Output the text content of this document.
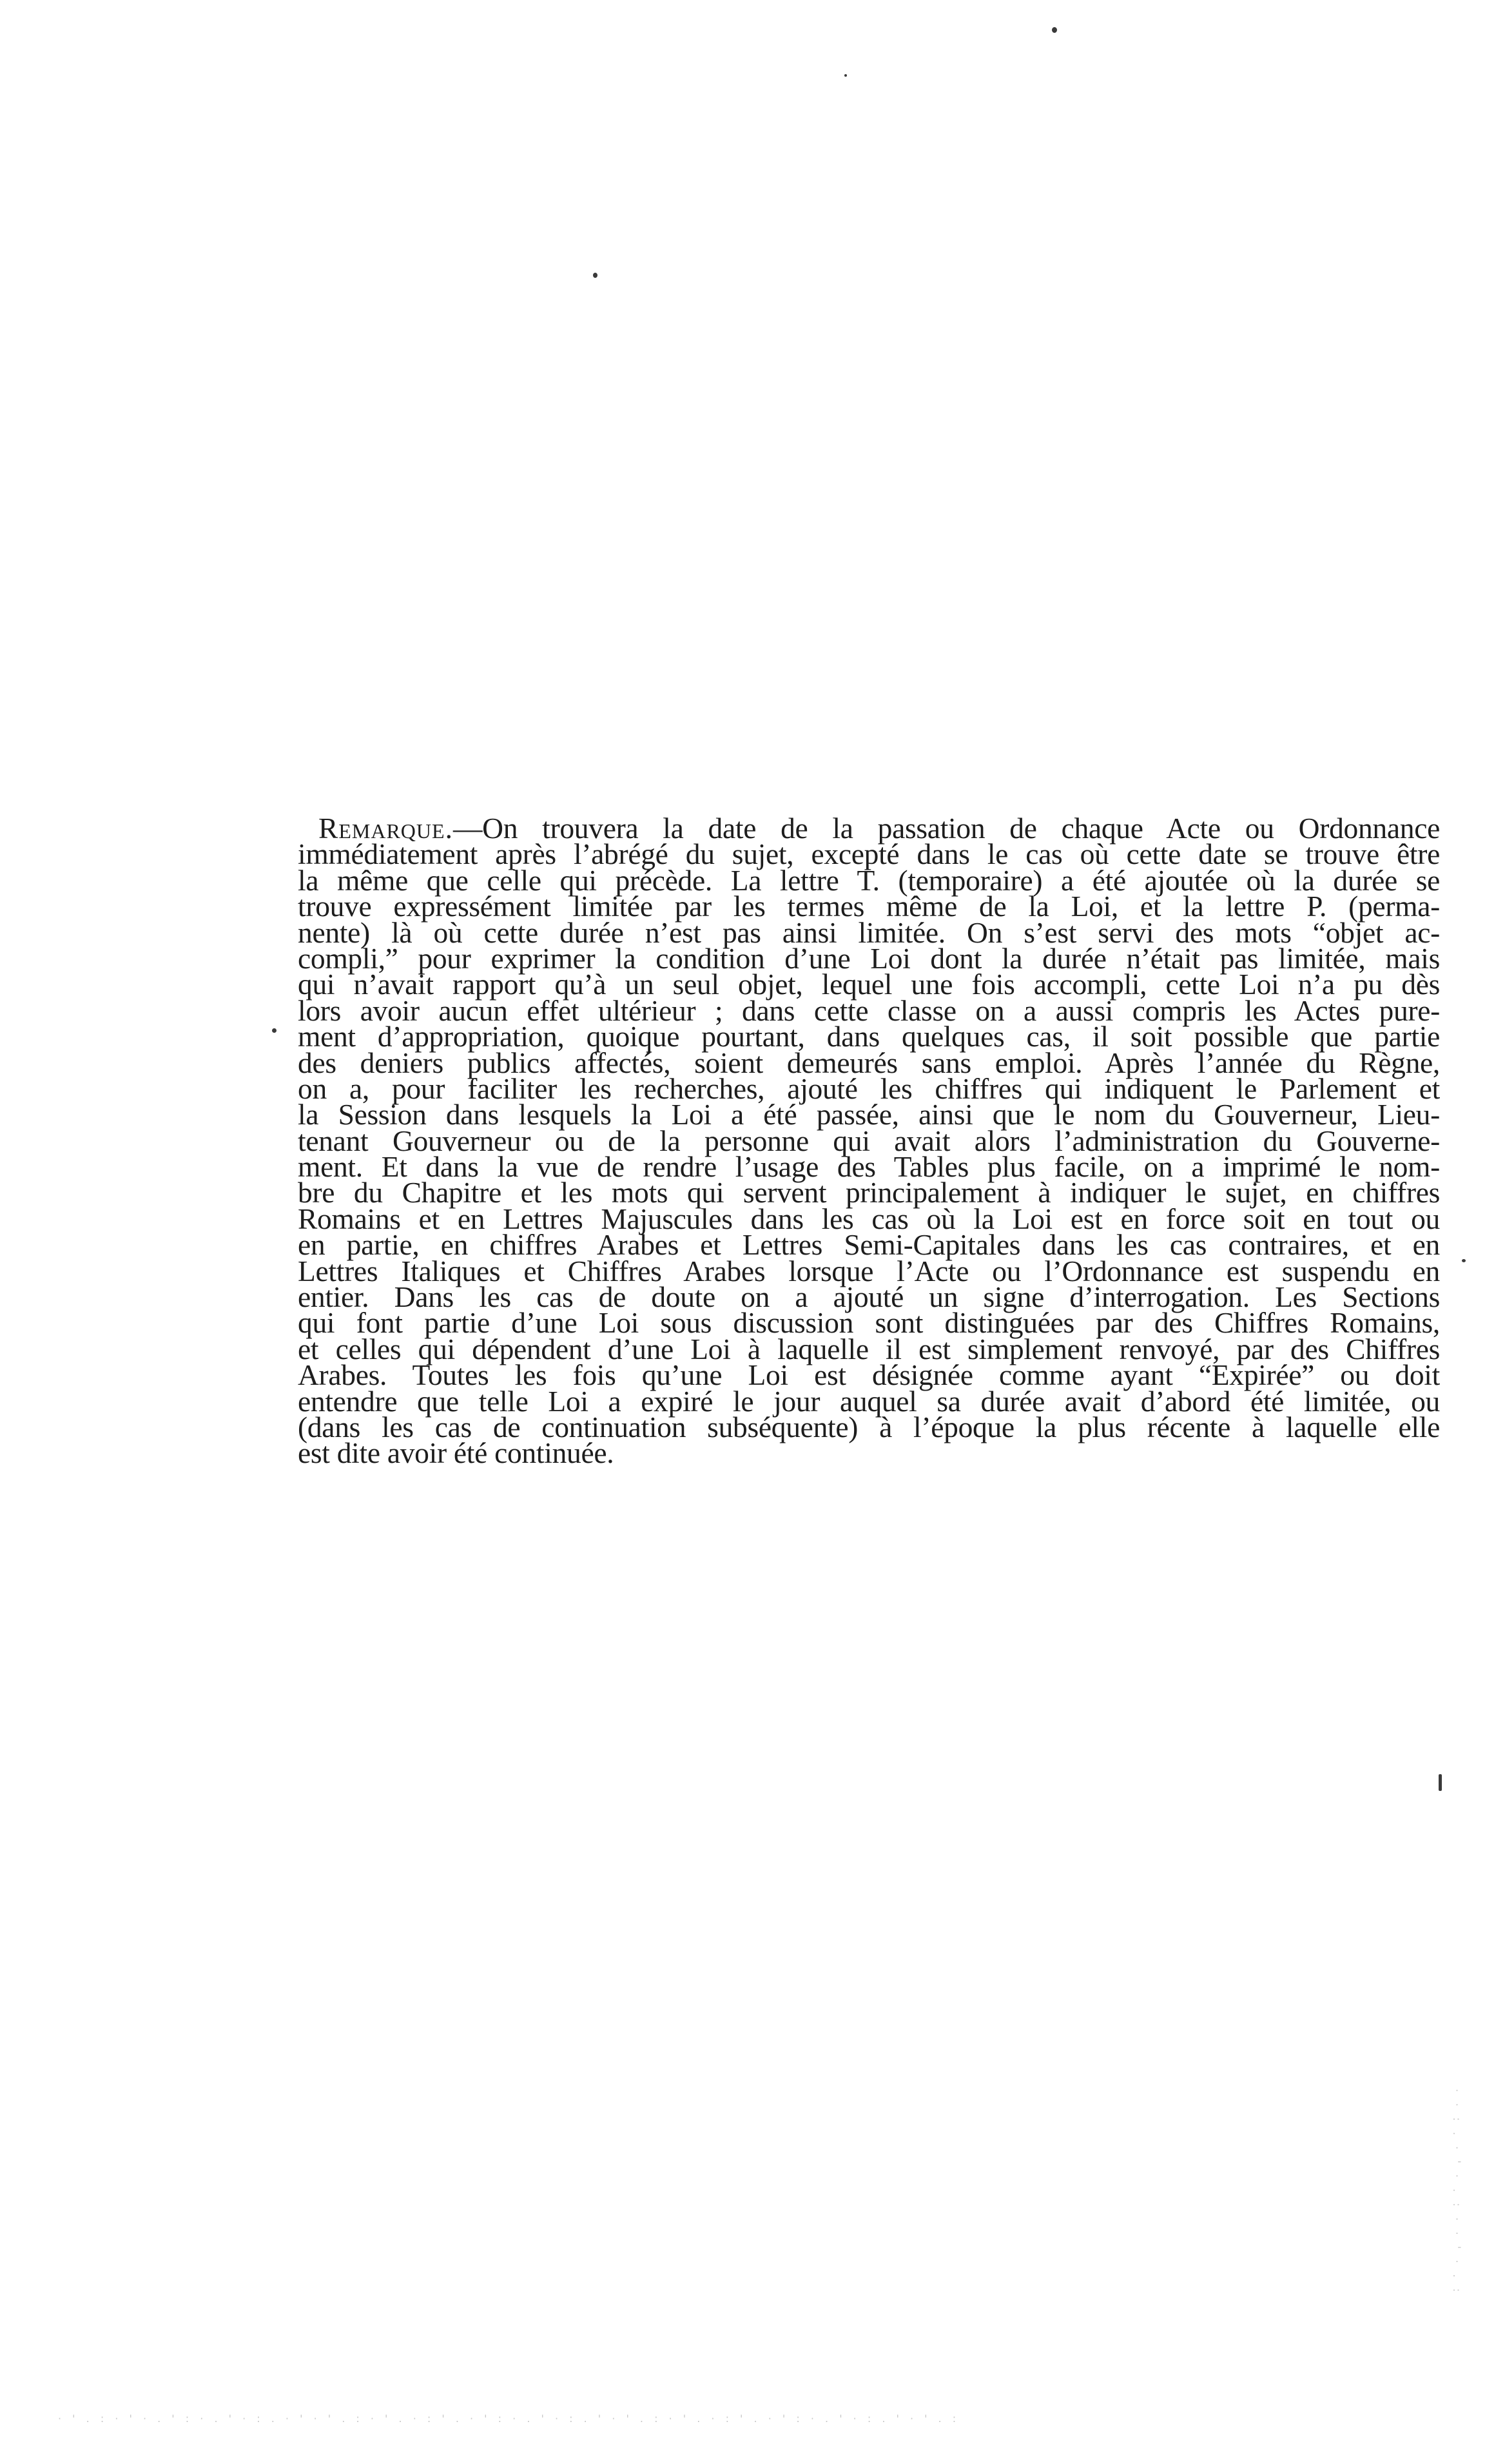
· · : . · ' · . : · · ' · . :
· ' . : · ' · . ' : · . ' · : . · ' · ' . : · ' . · : ' . · ' : · . ' · : . ' · ' . : · ' . · : ' . · ' : · . ' · : . ' · ' . :
Remarque.—On trouvera la date de la passation de chaque Acte ou Ordonnance
immédiatement après l’abrégé du sujet, excepté dans le cas où cette date se trouve être
la même que celle qui précède. La lettre T. (temporaire) a été ajoutée où la durée se
trouve expressément limitée par les termes même de la Loi, et la lettre P. (perma-
nente) là où cette durée n’est pas ainsi limitée. On s’est servi des mots “objet ac-
compli,” pour exprimer la condition d’une Loi dont la durée n’était pas limitée, mais
qui n’avait rapport qu’à un seul objet, lequel une fois accompli, cette Loi n’a pu dès
lors avoir aucun effet ultérieur ; dans cette classe on a aussi compris les Actes pure-
ment d’appropriation, quoique pourtant, dans quelques cas, il soit possible que partie
des deniers publics affectés, soient demeurés sans emploi. Après l’année du Règne,
on a, pour faciliter les recherches, ajouté les chiffres qui indiquent le Parlement et
la Session dans lesquels la Loi a été passée, ainsi que le nom du Gouverneur, Lieu-
tenant Gouverneur ou de la personne qui avait alors l’administration du Gouverne-
ment. Et dans la vue de rendre l’usage des Tables plus facile, on a imprimé le nom-
bre du Chapitre et les mots qui servent principalement à indiquer le sujet, en chiffres
Romains et en Lettres Majuscules dans les cas où la Loi est en force soit en tout ou
en partie, en chiffres Arabes et Lettres Semi-Capitales dans les cas contraires, et en
Lettres Italiques et Chiffres Arabes lorsque l’Acte ou l’Ordonnance est suspendu en
entier. Dans les cas de doute on a ajouté un signe d’interrogation. Les Sections
qui font partie d’une Loi sous discussion sont distinguées par des Chiffres Romains,
et celles qui dépendent d’une Loi à laquelle il est simplement renvoyé, par des Chiffres
Arabes. Toutes les fois qu’une Loi est désignée comme ayant “Expirée” ou doit
entendre que telle Loi a expiré le jour auquel sa durée avait d’abord été limitée, ou
(dans les cas de continuation subséquente) à l’époque la plus récente à laquelle elle
est dite avoir été continuée.
